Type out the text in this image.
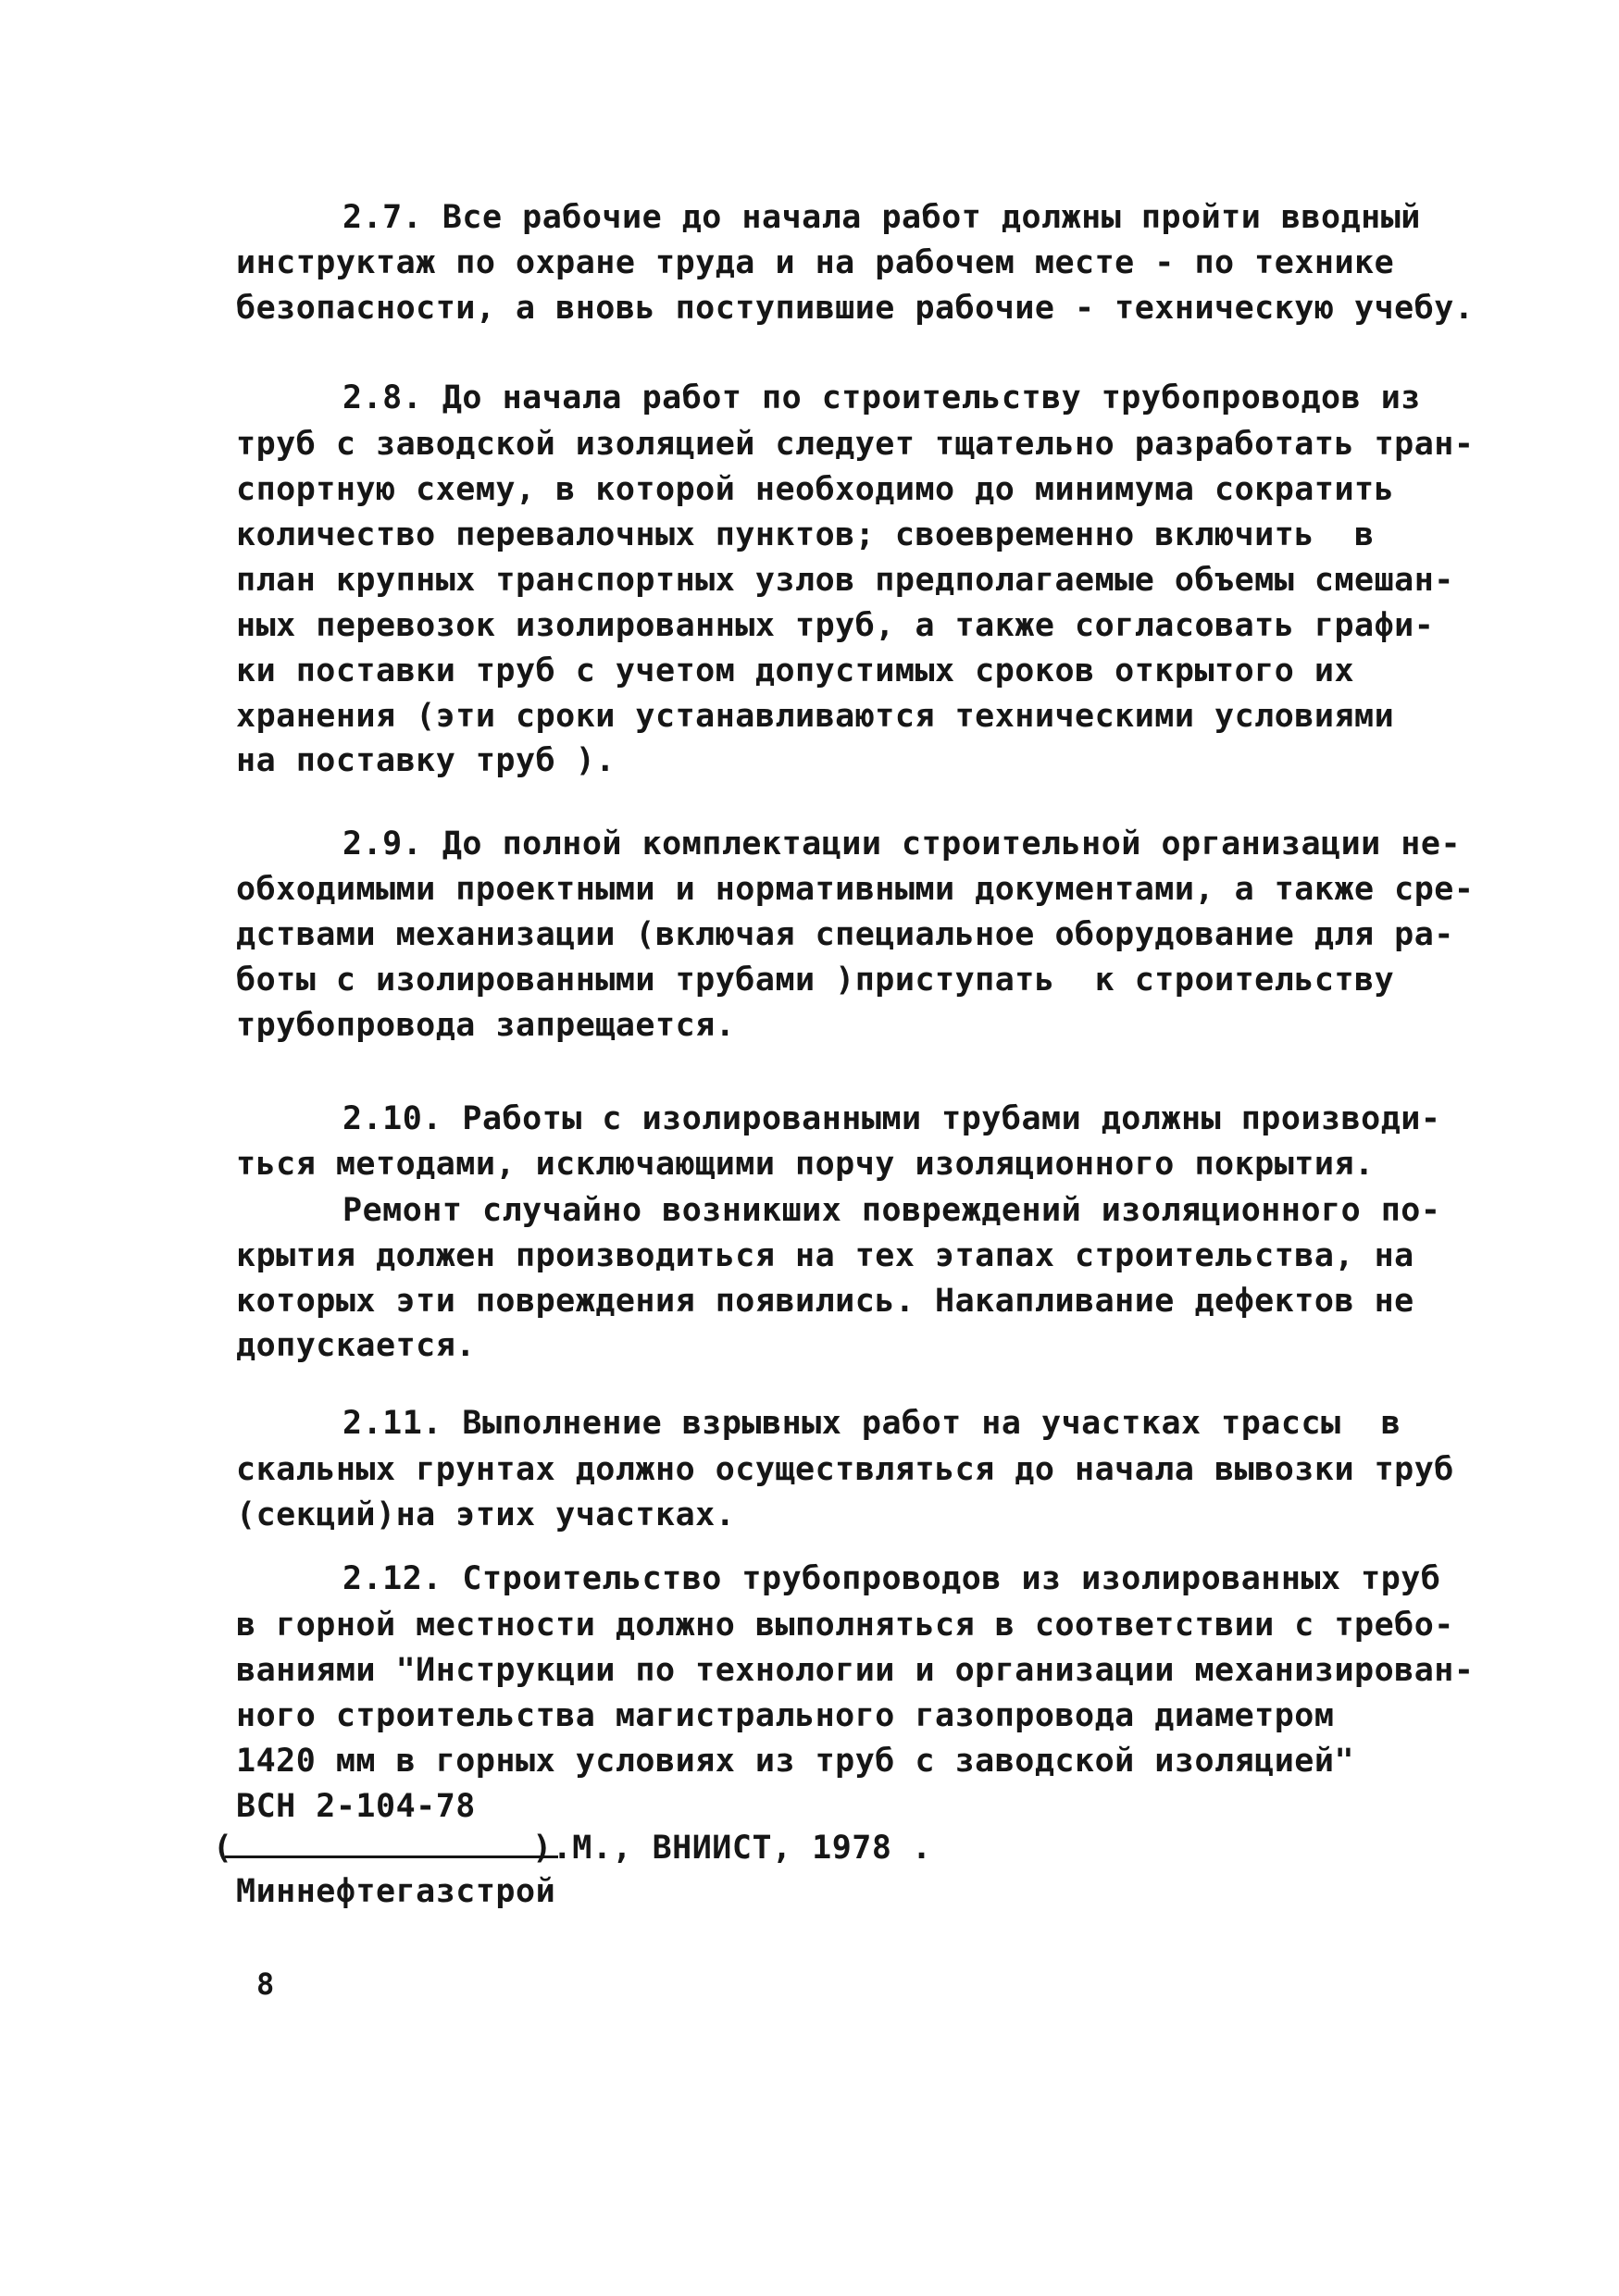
2.7. Все рабочие до начала работ должны пройти вводный
инструктаж по охране труда и на рабочем месте - по технике
безопасности, а вновь поступившие рабочие - техническую учебу.
2.8. До начала работ по строительству трубопроводов из
труб с заводской изоляцией следует тщательно разработать тран-
спортную схему, в которой необходимо до минимума сократить
количество перевалочных пунктов; своевременно включить  в
план крупных транспортных узлов предполагаемые объемы смешан-
ных перевозок изолированных труб, а также согласовать графи-
ки поставки труб с учетом допустимых сроков открытого их
хранения (эти сроки устанавливаются техническими условиями
на поставку труб ).
2.9. До полной комплектации строительной организации не-
обходимыми проектными и нормативными документами, а также сре-
дствами механизации (включая специальное оборудование для ра-
боты с изолированными трубами )приступать  к строительству
трубопровода запрещается.
2.10. Работы с изолированными трубами должны производи-
ться методами, исключающими порчу изоляционного покрытия.
Ремонт случайно возникших повреждений изоляционного по-
крытия должен производиться на тех этапах строительства, на
которых эти повреждения появились. Накапливание дефектов не
допускается.
2.11. Выполнение взрывных работ на участках трассы  в
скальных грунтах должно осуществляться до начала вывозки труб
(секций)на этих участках.
2.12. Строительство трубопроводов из изолированных труб
в горной местности должно выполняться в соответствии с требо-
ваниями "Инструкции по технологии и организации механизирован-
ного строительства магистрального газопровода диаметром
1420 мм в горных условиях из труб с заводской изоляцией"
ВСН 2-104-78
(               ).М., ВНИИСТ, 1978 .
Миннефтегазстрой
8
